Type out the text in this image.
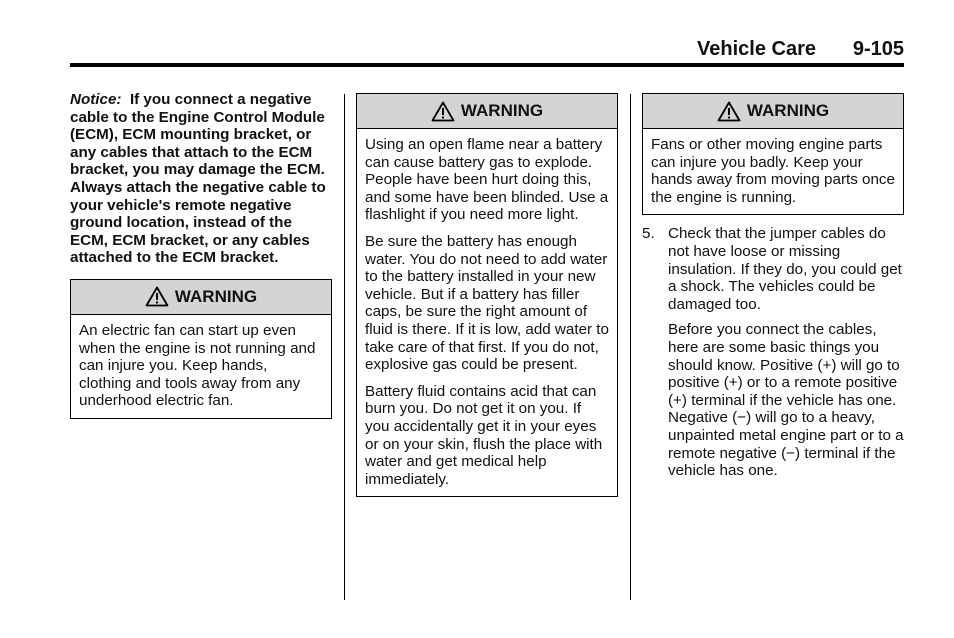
Vehicle Care 9-105

Notice: If you connect a negative cable to the Engine Control Module (ECM), ECM mounting bracket, or any cables that attach to the ECM bracket, you may damage the ECM. Always attach the negative cable to your vehicle's remote negative ground location, instead of the ECM, ECM bracket, or any cables attached to the ECM bracket.

WARNING

An electric fan can start up even when the engine is not running and can injure you. Keep hands, clothing and tools away from any underhood electric fan.

WARNING

Using an open flame near a battery can cause battery gas to explode. People have been hurt doing this, and some have been blinded. Use a flashlight if you need more light.

Be sure the battery has enough water. You do not need to add water to the battery installed in your new vehicle. But if a battery has filler caps, be sure the right amount of fluid is there. If it is low, add water to take care of that first. If you do not, explosive gas could be present.

Battery fluid contains acid that can burn you. Do not get it on you. If you accidentally get it in your eyes or on your skin, flush the place with water and get medical help immediately.

WARNING

Fans or other moving engine parts can injure you badly. Keep your hands away from moving parts once the engine is running.

5. Check that the jumper cables do not have loose or missing insulation. If they do, you could get a shock. The vehicles could be damaged too.

Before you connect the cables, here are some basic things you should know. Positive (+) will go to positive (+) or to a remote positive (+) terminal if the vehicle has one. Negative (−) will go to a heavy, unpainted metal engine part or to a remote negative (−) terminal if the vehicle has one.
